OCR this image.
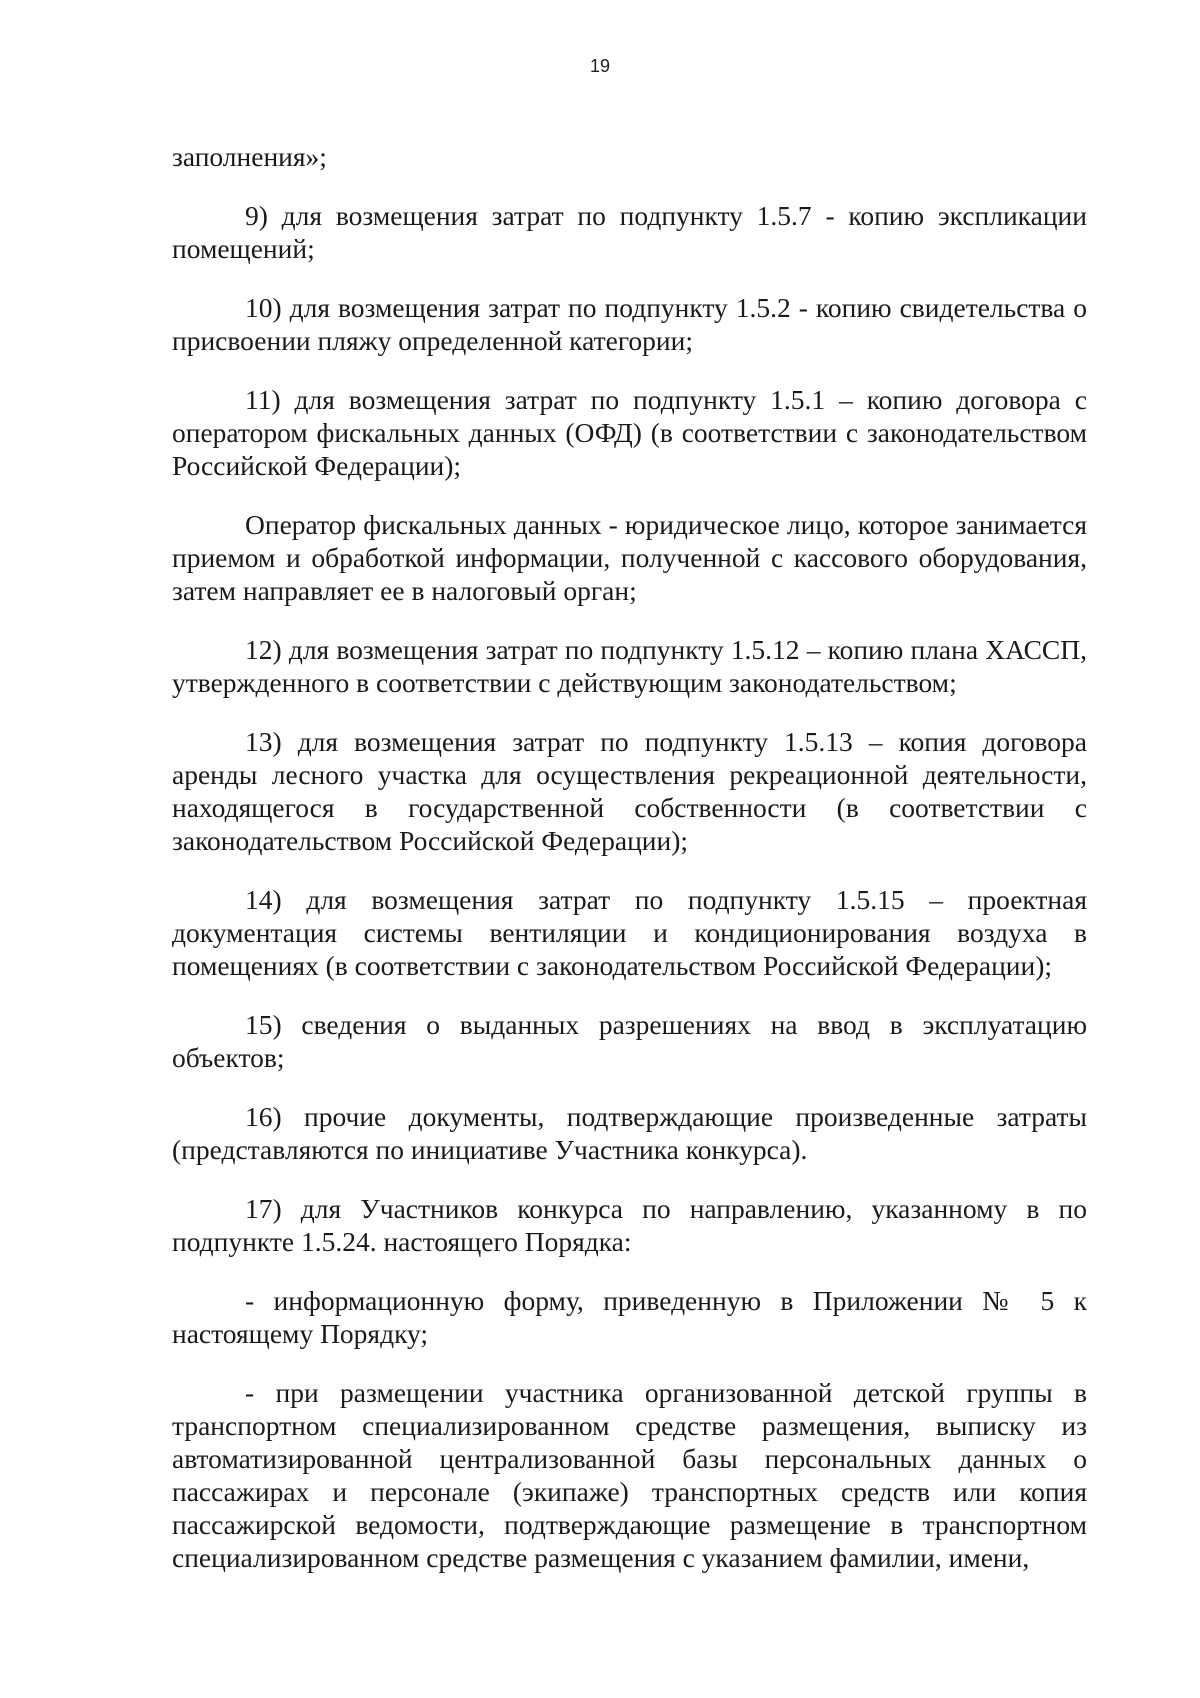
19

заполнения»;

9) для возмещения затрат по подпункту 1.5.7 - копию экспликации помещений;

10) для возмещения затрат по подпункту 1.5.2 - копию свидетельства о присвоении пляжу определенной категории;

11) для возмещения затрат по подпункту 1.5.1 – копию договора с оператором фискальных данных (ОФД) (в соответствии с законодательством Российской Федерации);

Оператор фискальных данных - юридическое лицо, которое занимается приемом и обработкой информации, полученной с кассового оборудования, затем направляет ее в налоговый орган;

12) для возмещения затрат по подпункту 1.5.12 – копию плана ХАССП, утвержденного в соответствии с действующим законодательством;

13) для возмещения затрат по подпункту 1.5.13 – копия договора аренды лесного участка для осуществления рекреационной деятельности, находящегося в государственной собственности (в соответствии с законодательством Российской Федерации);

14) для возмещения затрат по подпункту 1.5.15 – проектная документация системы вентиляции и кондиционирования воздуха в помещениях (в соответствии с законодательством Российской Федерации);

15) сведения о выданных разрешениях на ввод в эксплуатацию объектов;

16) прочие документы, подтверждающие произведенные затраты (представляются по инициативе Участника конкурса).

17) для Участников конкурса по направлению, указанному в по подпункте 1.5.24. настоящего Порядка:

- информационную форму, приведенную в Приложении № 5 к настоящему Порядку;

- при размещении участника организованной детской группы в транспортном специализированном средстве размещения, выписку из автоматизированной централизованной базы персональных данных о пассажирах и персонале (экипаже) транспортных средств или копия пассажирской ведомости, подтверждающие размещение в транспортном специализированном средстве размещения с указанием фамилии, имени,
